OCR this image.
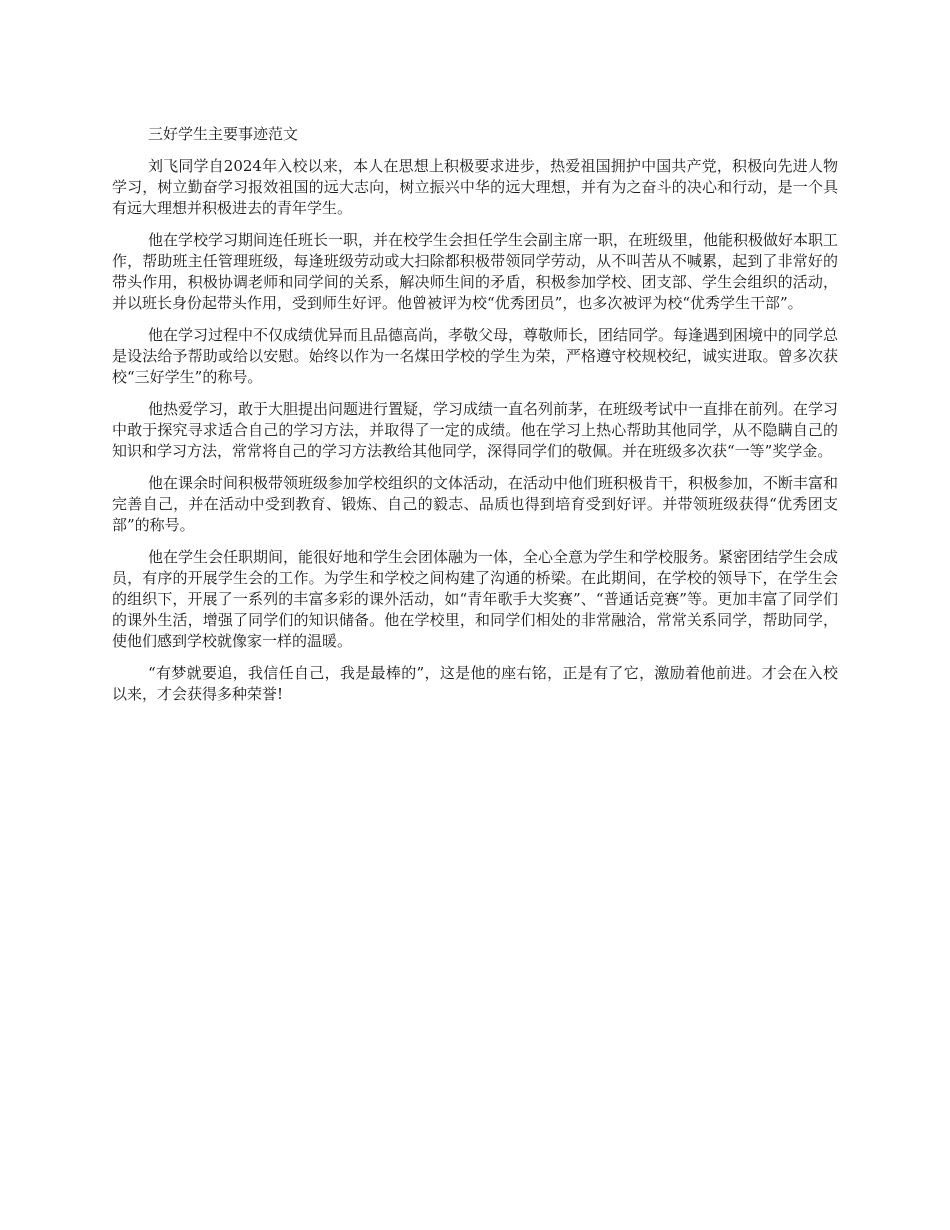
三好学生主要事迹范文

刘飞同学自2024年入校以来，本人在思想上积极要求进步，热爱祖国拥护中国共产党，积极向先进人物学习，树立勤奋学习报效祖国的远大志向，树立振兴中华的远大理想，并有为之奋斗的决心和行动，是一个具有远大理想并积极进去的青年学生。

他在学校学习期间连任班长一职，并在校学生会担任学生会副主席一职，在班级里，他能积极做好本职工作，帮助班主任管理班级，每逢班级劳动或大扫除都积极带领同学劳动，从不叫苦从不喊累，起到了非常好的带头作用，积极协调老师和同学间的关系，解决师生间的矛盾，积极参加学校、团支部、学生会组织的活动，并以班长身份起带头作用，受到师生好评。他曾被评为校“优秀团员”，也多次被评为校“优秀学生干部”。

他在学习过程中不仅成绩优异而且品德高尚，孝敬父母，尊敬师长，团结同学。每逢遇到困境中的同学总是设法给予帮助或给以安慰。始终以作为一名煤田学校的学生为荣，严格遵守校规校纪，诚实进取。曾多次获校“三好学生”的称号。

他热爱学习，敢于大胆提出问题进行置疑，学习成绩一直名列前茅，在班级考试中一直排在前列。在学习中敢于探究寻求适合自己的学习方法，并取得了一定的成绩。他在学习上热心帮助其他同学，从不隐瞒自己的知识和学习方法，常常将自己的学习方法教给其他同学，深得同学们的敬佩。并在班级多次获“一等”奖学金。

他在课余时间积极带领班级参加学校组织的文体活动，在活动中他们班积极肯干，积极参加，不断丰富和完善自己，并在活动中受到教育、锻炼、自己的毅志、品质也得到培育受到好评。并带领班级获得“优秀团支部”的称号。

他在学生会任职期间，能很好地和学生会团体融为一体，全心全意为学生和学校服务。紧密团结学生会成员，有序的开展学生会的工作。为学生和学校之间构建了沟通的桥梁。在此期间，在学校的领导下，在学生会的组织下，开展了一系列的丰富多彩的课外活动，如“青年歌手大奖赛”、“普通话竞赛”等。更加丰富了同学们的课外生活，增强了同学们的知识储备。他在学校里，和同学们相处的非常融洽，常常关系同学，帮助同学，使他们感到学校就像家一样的温暖。

“有梦就要追，我信任自己，我是最棒的”，这是他的座右铭，正是有了它，激励着他前进。才会在入校以来，才会获得多种荣誉!
